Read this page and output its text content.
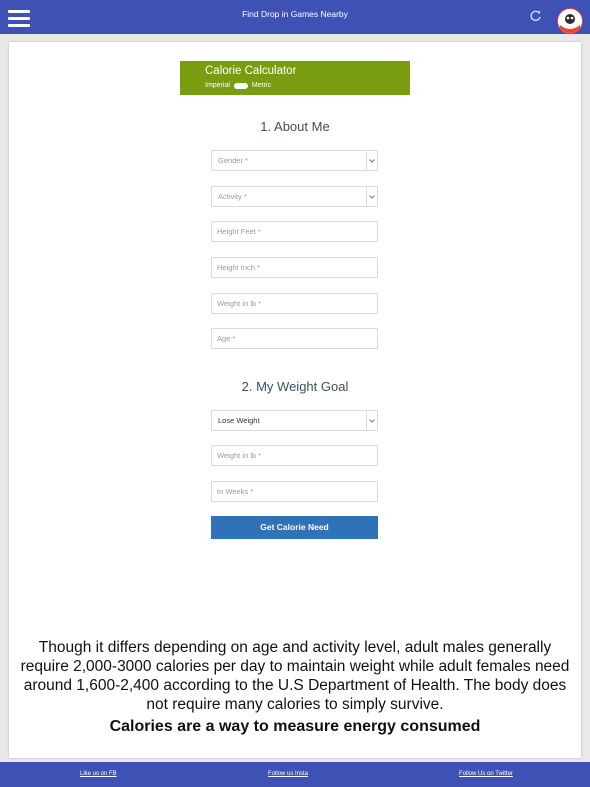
Find Drop in Games Nearby
Calorie Calculator
Imperial	Metric
1. About Me
Gender *
Activity *
Height Feet *
Height Inch *
Weight in lb *
Age *
2. My Weight Goal
Lose Weight
Weight in lb *
In Weeks *
Get Calorie Need
Though it differs depending on age and activity level, adult males generally require 2,000-3000 calories per day to maintain weight while adult females need around 1,600-2,400 according to the U.S Department of Health. The body does not require many calories to simply survive.
Calories are a way to measure energy consumed
Like us on FB	Follow us Insta	Follow Us on Twitter
